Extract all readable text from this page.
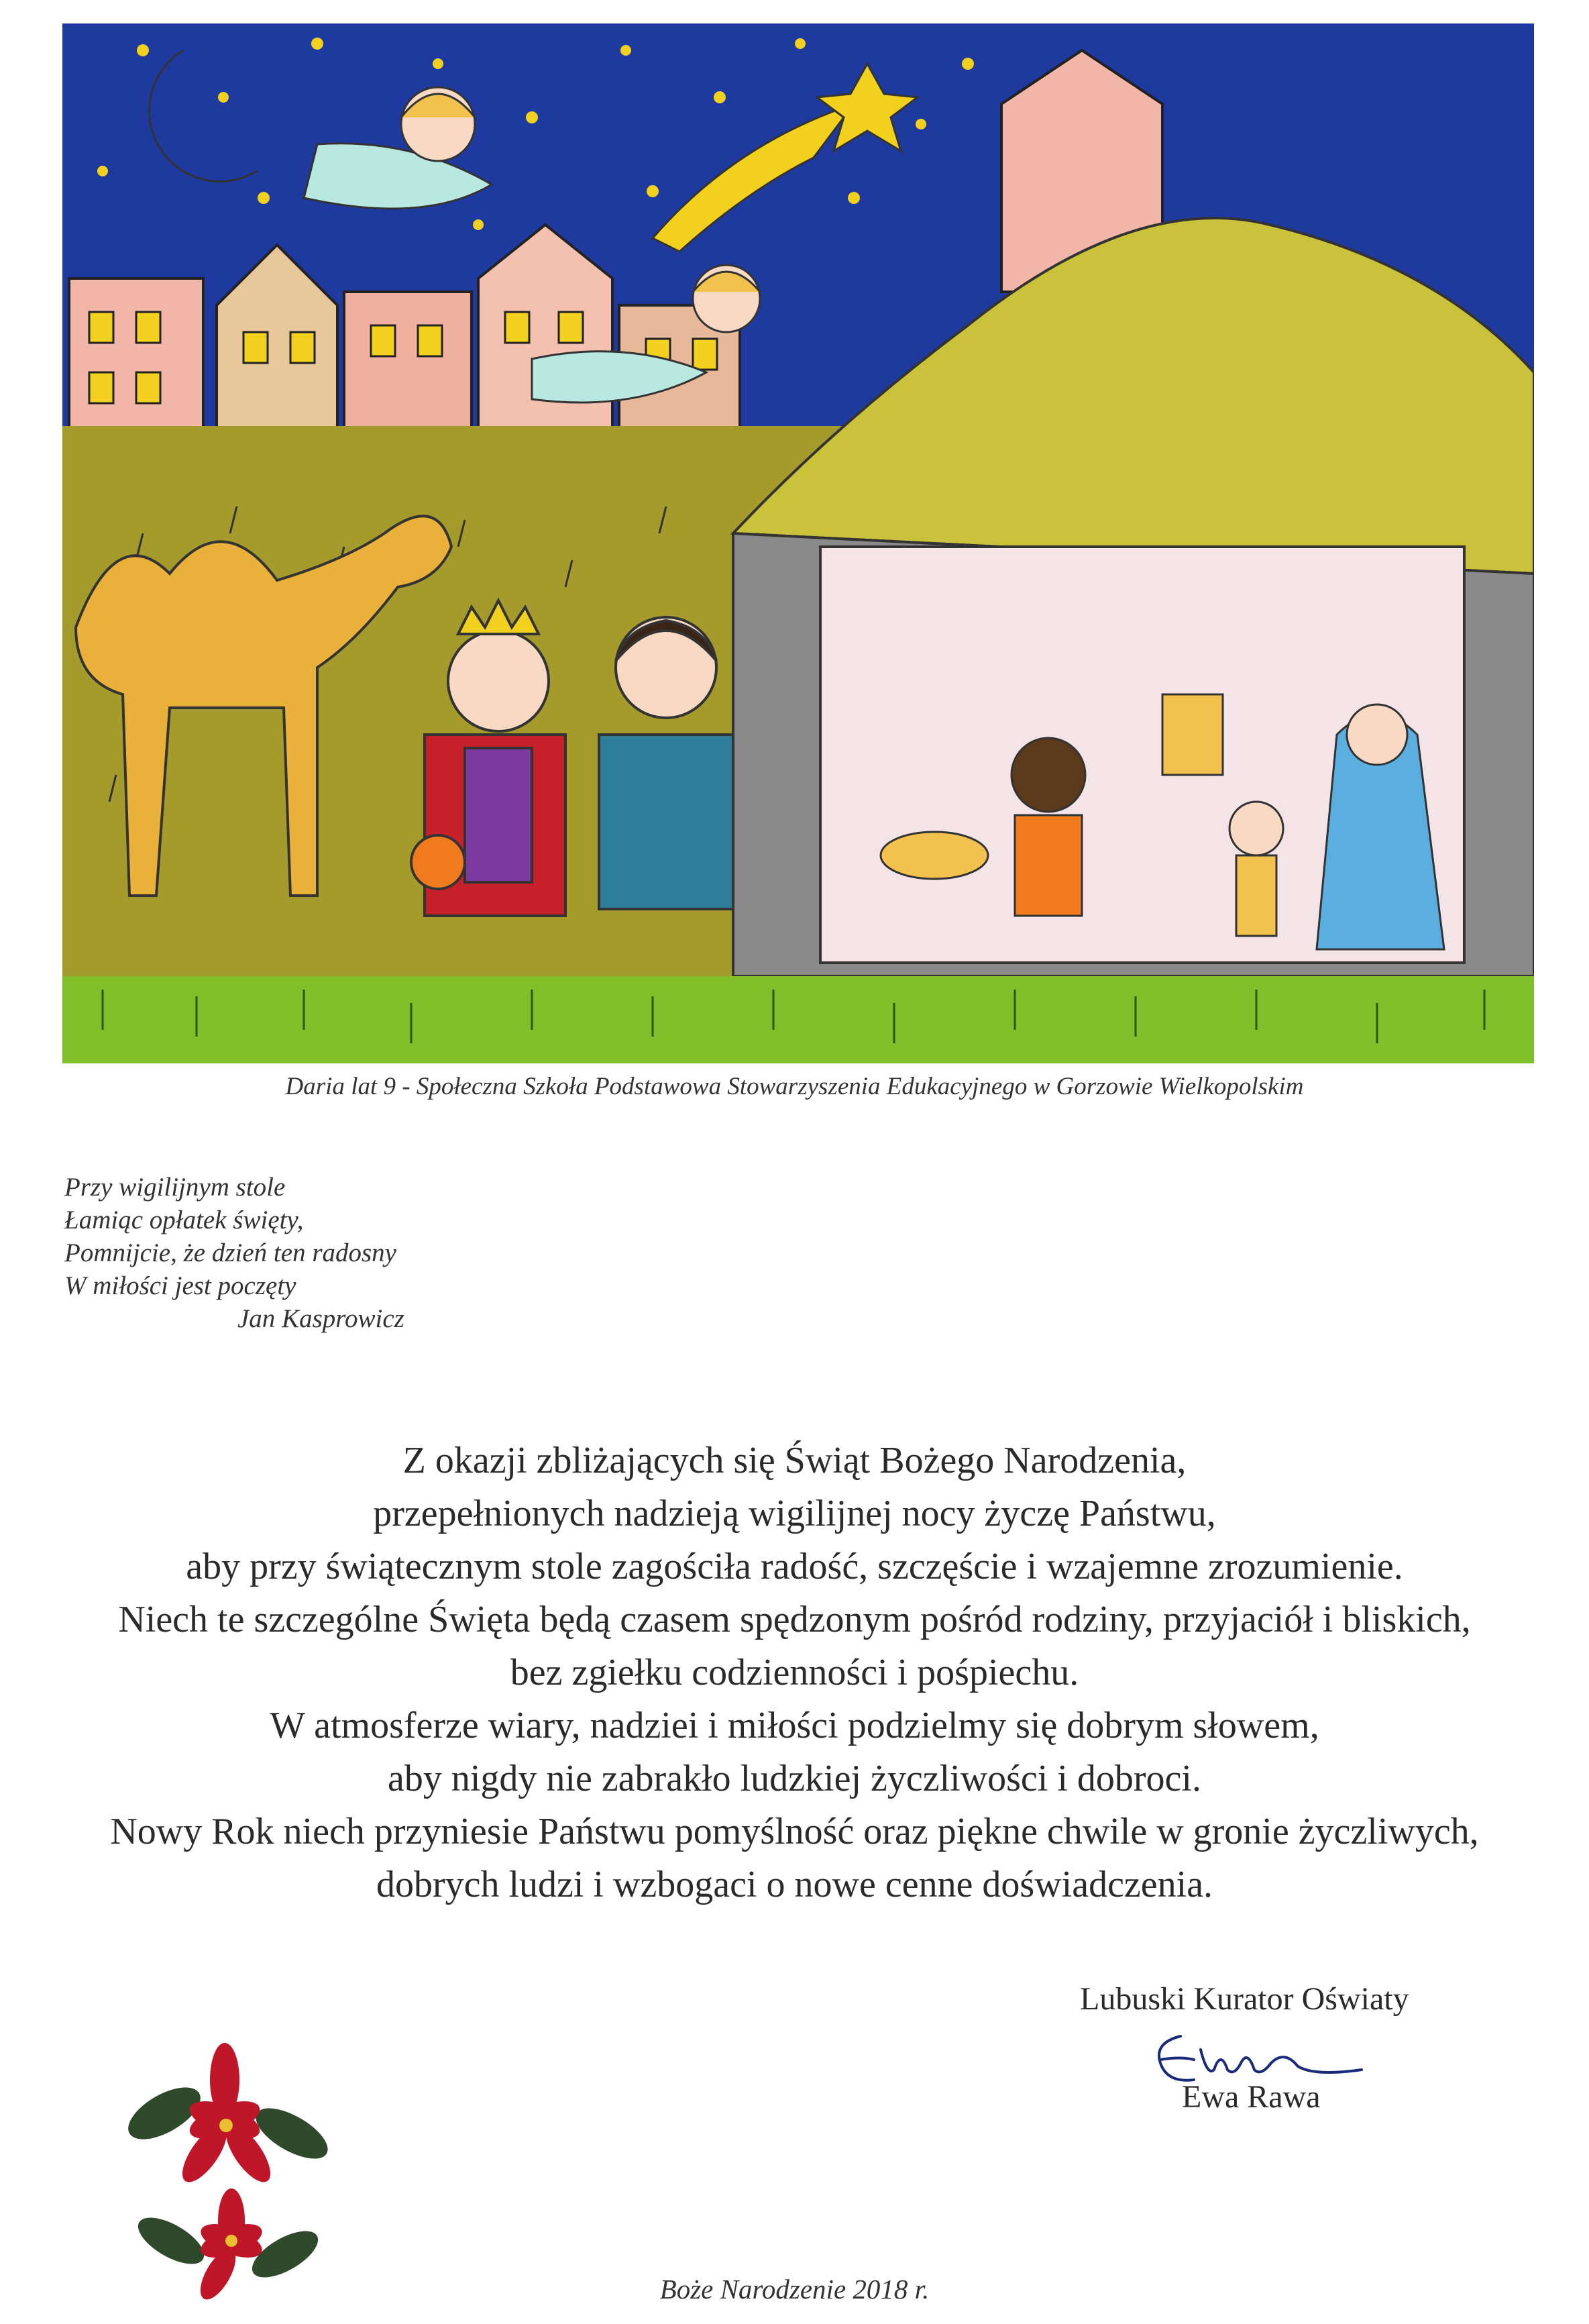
Daria lat 9 - Społeczna Szkoła Podstawowa Stowarzyszenia Edukacyjnego w Gorzowie Wielkopolskim
Przy wigilijnym stole
Łamiąc opłatek święty,
Pomnijcie, że dzień ten radosny
W miłości jest poczęty
Jan Kasprowicz
Z okazji zbliżających się Świąt Bożego Narodzenia,
przepełnionych nadzieją wigilijnej nocy życzę Państwu,
aby przy świątecznym stole zagościła radość, szczęście i wzajemne zrozumienie.
Niech te szczególne Święta będą czasem spędzonym pośród rodziny, przyjaciół i bliskich,
bez zgiełku codzienności i pośpiechu.
W atmosferze wiary, nadziei i miłości podzielmy się dobrym słowem,
aby nigdy nie zabrakło ludzkiej życzliwości i dobroci.
Nowy Rok niech przyniesie Państwu pomyślność oraz piękne chwile w gronie życzliwych,
dobrych ludzi i wzbogaci o nowe cenne doświadczenia.
Lubuski Kurator Oświaty
Ewa Rawa
Boże Narodzenie 2018 r.
